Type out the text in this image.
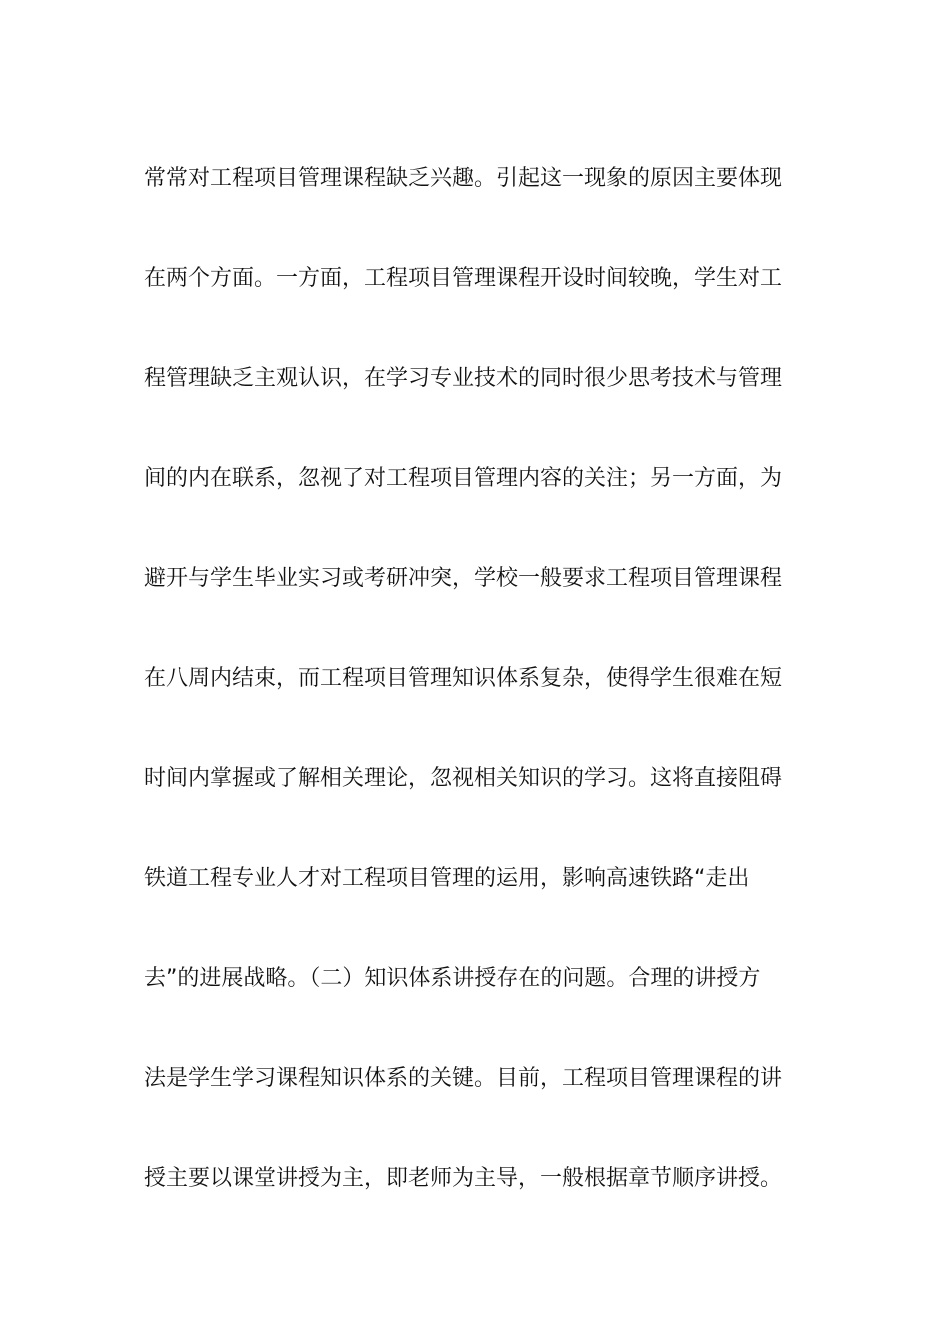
常常对工程项目管理课程缺乏兴趣。引起这一现象的原因主要体现
在两个方面。一方面，工程项目管理课程开设时间较晚，学生对工
程管理缺乏主观认识，在学习专业技术的同时很少思考技术与管理
间的内在联系，忽视了对工程项目管理内容的关注；另一方面，为
避开与学生毕业实习或考研冲突，学校一般要求工程项目管理课程
在八周内结束，而工程项目管理知识体系复杂，使得学生很难在短
时间内掌握或了解相关理论，忽视相关知识的学习。这将直接阻碍
铁道工程专业人才对工程项目管理的运用，影响高速铁路“走出
去”的进展战略。（二）知识体系讲授存在的问题。合理的讲授方
法是学生学习课程知识体系的关键。目前，工程项目管理课程的讲
授主要以课堂讲授为主，即老师为主导，一般根据章节顺序讲授。
